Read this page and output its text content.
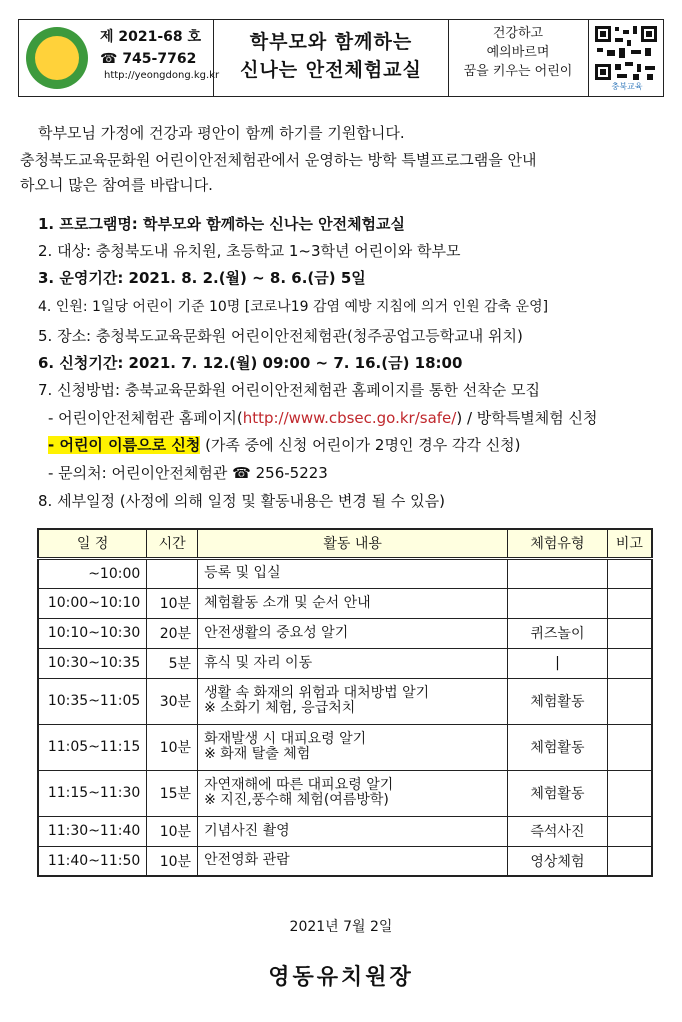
제 2021-68 호
☎ 745-7762
http://yeongdong.kg.kr
학부모와 함께하는
신나는 안전체험교실
건강하고
예의바르며
꿈을 키우는 어린이
충북교육
학부모님 가정에 건강과 평안이 함께 하기를 기원합니다.
충청북도교육문화원 어린이안전체험관에서 운영하는 방학 특별프로그램을 안내
하오니 많은 참여를 바랍니다.
1. 프로그램명: 학부모와 함께하는 신나는 안전체험교실
2. 대상: 충청북도내 유치원, 초등학교 1~3학년 어린이와 학부모
3. 운영기간: 2021. 8. 2.(월) ~ 8. 6.(금) 5일
4. 인원: 1일당 어린이 기준 10명 [코로나19 감염 예방 지침에 의거 인원 감축 운영]
5. 장소: 충청북도교육문화원 어린이안전체험관(청주공업고등학교내 위치)
6. 신청기간: 2021. 7. 12.(월) 09:00 ~ 7. 16.(금) 18:00
7. 신청방법: 충북교육문화원 어린이안전체험관 홈페이지를 통한 선착순 모집
- 어린이안전체험관 홈페이지(http://www.cbsec.go.kr/safe/) / 방학특별체험 신청
- 어린이 이름으로 신청 (가족 중에 신청 어린이가 2명인 경우 각각 신청)
- 문의처: 어린이안전체험관 ☎ 256-5223
8. 세부일정 (사정에 의해 일정 및 활동내용은 변경 될 수 있음)
일 정	시간	활동 내용	체험유형	비고
~10:00		등록 및 입실		

10:00~10:10	10분	체험활동 소개 및 순서 안내		

10:10~10:30	20분	안전생활의 중요성 알기	퀴즈놀이	
10:30~10:35	5분	휴식 및 자리 이동	|	
10:35~11:05	30분	생활 속 화재의 위험과 대처방법 알기
※ 소화기 체험, 응급처치	체험활동	
11:05~11:15	10분	화재발생 시 대피요령 알기
※ 화재 탈출 체험	체험활동	
11:15~11:30	15분	자연재해에 따른 대피요령 알기
※ 지진,풍수해 체험(여름방학)	체험활동	
11:30~11:40	10분	기념사진 촬영	즉석사진	
11:40~11:50	10분	안전영화 관람	영상체험	
2021년 7월 2일
영동유치원장
